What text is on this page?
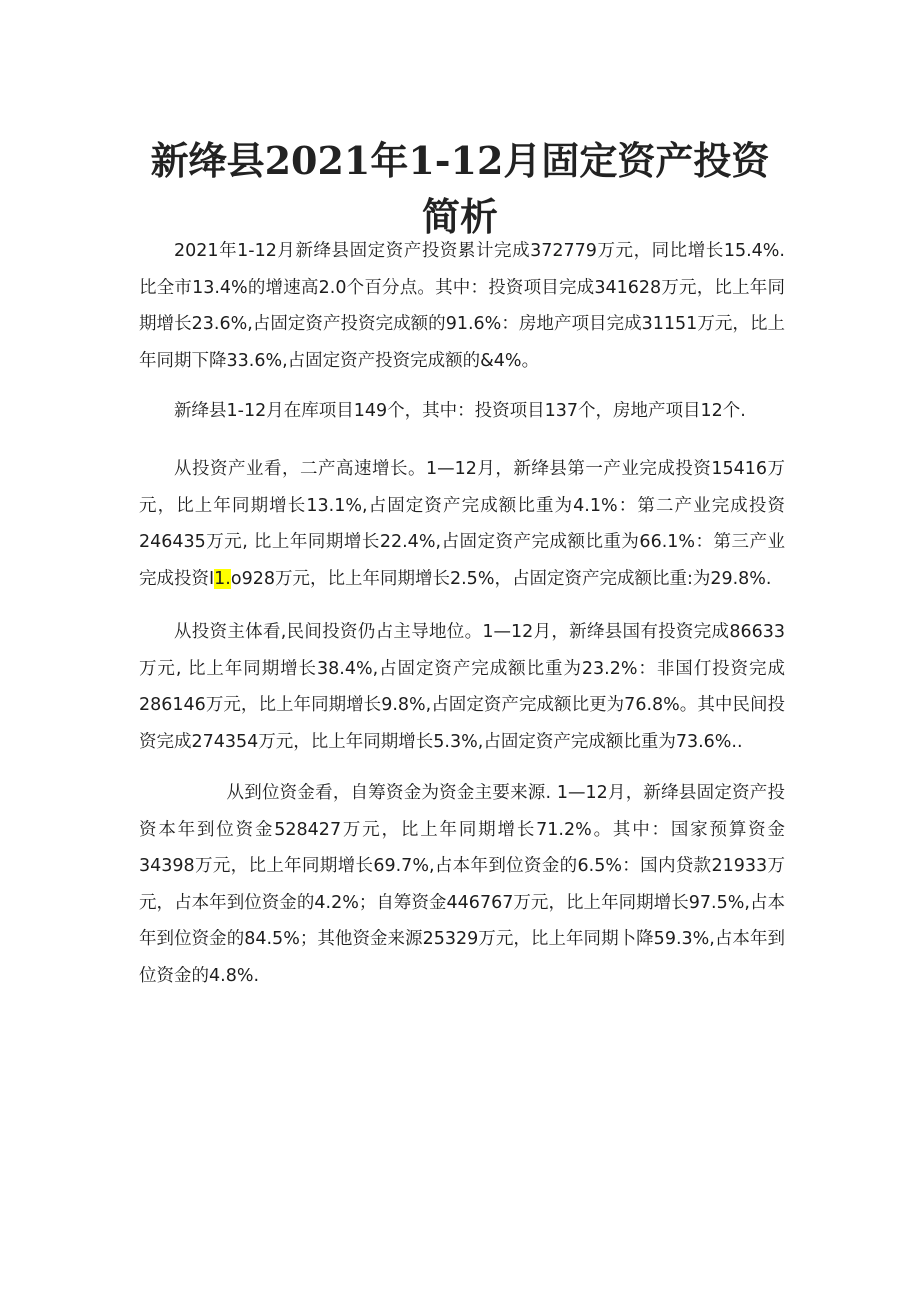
新绛县2021年1-12月固定资产投资简析

2021年1-12月新绛县固定资产投资累计完成372779万元，同比增长15.4%.比全市13.4%的增速高2.0个百分点。其中：投资项目完成341628万元，比上年同期增长23.6%,占固定资产投资完成额的91.6%：房地产项目完成31151万元，比上年同期下降33.6%,占固定资产投资完成额的&4%。

新绛县1-12月在库项目149个，其中：投资项目137个，房地产项目12个.

从投资产业看，二产高速增长。1—12月，新绛县第一产业完成投资15416万元，比上年同期增长13.1%,占固定资产完成额比重为4.1%：第二产业完成投资246435万元, 比上年同期增长22.4%,占固定资产完成额比重为66.1%：第三产业完成投资I1.o928万元，比上年同期增长2.5%，占固定资产完成额比重:为29.8%.

从投资主体看,民间投资仍占主导地位。1—12月，新绛县国有投资完成86633万元, 比上年同期增长38.4%,占固定资产完成额比重为23.2%：非国仃投资完成286146万元，比上年同期增长9.8%,占固定资产完成额比更为76.8%。其中民间投资完成274354万元，比上年同期增长5.3%,占固定资产完成额比重为73.6%..

从到位资金看，自筹资金为资金主要来源. 1—12月，新绛县固定资产投资本年到位资金528427万元，比上年同期增长71.2%。其中：国家预算资金34398万元，比上年同期增长69.7%,占本年到位资金的6.5%：国内贷款21933万元，占本年到位资金的4.2%；自筹资金446767万元，比上年同期增长97.5%,占本年到位资金的84.5%；其他资金来源25329万元，比上年同期卜降59.3%,占本年到位资金的4.8%.
